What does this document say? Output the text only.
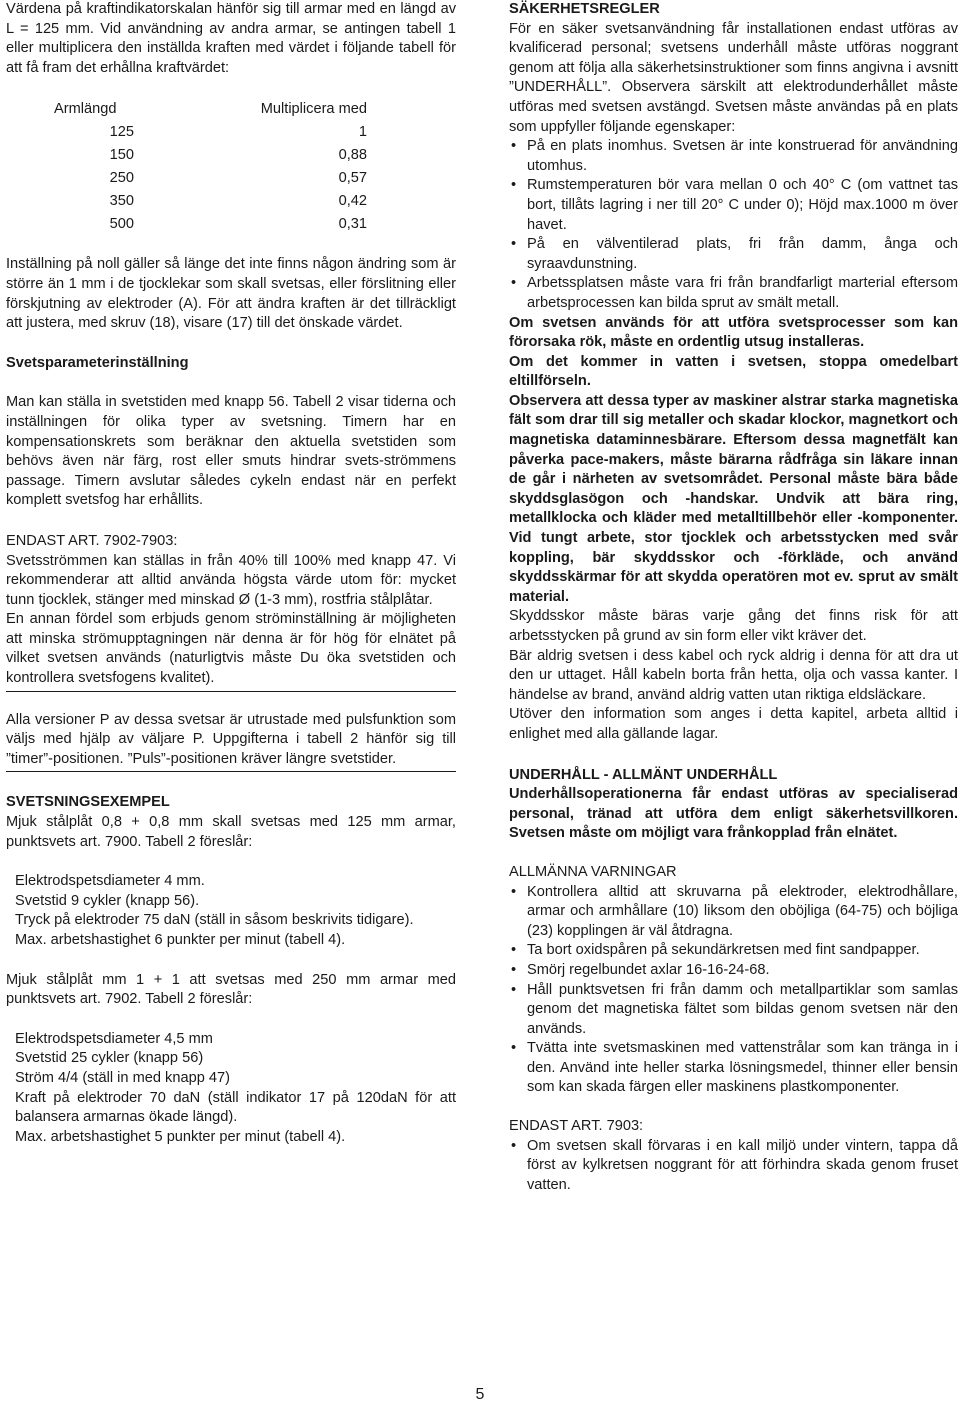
Värdena på kraftindikatorskalan hänför sig till armar med en längd av L = 125 mm. Vid användning av andra armar, se antingen tabell 1 eller multiplicera den inställda kraften med värdet i följande tabell för att få fram det erhållna kraftvärdet:

Armlängd	Multiplicera med
125	1
150	0,88
250	0,57
350	0,42
500	0,31

Inställning på noll gäller så länge det inte finns någon ändring som är större än 1 mm i de tjocklekar som skall svetsas, eller förslitning eller förskjutning av elektroder (A). För att ändra kraften är det tillräckligt att justera, med skruv (18), visare (17) till det önskade värdet.

Svetsparameterinställning

Man kan ställa in svetstiden med knapp 56. Tabell 2 visar tiderna och inställningen för olika typer av svetsning. Timern har en kompensationskrets som beräknar den aktuella svetstiden som behövs även när färg, rost eller smuts hindrar svets-strömmens passage. Timern avslutar således cykeln endast när en perfekt komplett svetsfog har erhållits.

ENDAST ART. 7902-7903:

Svetsströmmen kan ställas in från 40% till 100% med knapp 47. Vi rekommenderar att alltid använda högsta värde utom för: mycket tunn tjocklek, stänger med minskad Ø (1-3 mm), rostfria stålplåtar.

En annan fördel som erbjuds genom ströminställning är möjligheten att minska strömupptagningen när denna är för hög för elnätet på vilket svetsen används (naturligtvis måste Du öka svetstiden och kontrollera svetsfogens kvalitet).

Alla versioner P av dessa svetsar är utrustade med pulsfunktion som väljs med hjälp av väljare P. Uppgifterna i tabell 2 hänför sig till ”timer”-positionen. ”Puls”-positionen kräver längre svetstider.

SVETSNINGSEXEMPEL

Mjuk stålplåt 0,8 + 0,8 mm skall svetsas med 125 mm armar, punktsvets art. 7900. Tabell 2 föreslår:

Elektrodspetsdiameter 4 mm.

Svetstid 9 cykler (knapp 56).

Tryck på elektroder 75 daN (ställ in såsom beskrivits tidigare).

Max. arbetshastighet 6 punkter per minut (tabell 4).

Mjuk stålplåt mm 1 + 1 att svetsas med 250 mm armar med punktsvets art. 7902. Tabell 2 föreslår:

Elektrodspetsdiameter 4,5 mm

Svetstid 25 cykler (knapp 56)

Ström 4/4 (ställ in med knapp 47)

Kraft på elektroder 70 daN (ställ indikator 17 på 120daN för att balansera armarnas ökade längd).

Max. arbetshastighet 5 punkter per minut (tabell 4).

SÄKERHETSREGLER

För en säker svetsanvändning får installationen endast utföras av kvalificerad personal; svetsens underhåll måste utföras noggrant genom att följa alla säkerhetsinstruktioner som finns angivna i avsnitt ”UNDERHÅLL”. Observera särskilt att elektrodunderhållet måste utföras med svetsen avstängd. Svetsen måste användas på en plats som uppfyller följande egenskaper:

• På en plats inomhus. Svetsen är inte konstruerad för användning utomhus.
• Rumstemperaturen bör vara mellan 0 och 40° C (om vattnet tas bort, tillåts lagring i ner till 20° C under 0); Höjd max.1000 m över havet.
• På en välventilerad plats, fri från damm, ånga och syraavdunstning.
• Arbetssplatsen måste vara fri från brandfarligt marterial eftersom arbetsprocessen kan bilda sprut av smält metall.

Om svetsen används för att utföra svetsprocesser som kan förorsaka rök, måste en ordentlig utsug installeras.

Om det kommer in vatten i svetsen, stoppa omedelbart eltillförseln.

Observera att dessa typer av maskiner alstrar starka magnetiska fält som drar till sig metaller och skadar klockor, magnetkort och magnetiska dataminnesbärare. Eftersom dessa magnetfält kan påverka pace-makers, måste bärarna rådfråga sin läkare innan de går i närheten av svetsområdet. Personal måste bära både skyddsglasögon och -handskar. Undvik att bära ring, metallklocka och kläder med metalltillbehör eller -komponenter. Vid tungt arbete, stor tjocklek och arbetsstycken med svår koppling, bär skyddsskor och -förkläde, och använd skyddsskärmar för att skydda operatören mot ev. sprut av smält material.

Skyddsskor måste bäras varje gång det finns risk för att arbetsstycken på grund av sin form eller vikt kräver det.

Bär aldrig svetsen i dess kabel och ryck aldrig i denna för att dra ut den ur uttaget. Håll kabeln borta från hetta, olja och vassa kanter. I händelse av brand, använd aldrig vatten utan riktiga eldsläckare.

Utöver den information som anges i detta kapitel, arbeta alltid i enlighet med alla gällande lagar.

UNDERHÅLL - ALLMÄNT UNDERHÅLL

Underhållsoperationerna får endast utföras av specialiserad personal, tränad att utföra dem enligt säkerhetsvillkoren. Svetsen måste om möjligt vara frånkopplad från elnätet.

ALLMÄNNA VARNINGAR

• Kontrollera alltid att skruvarna på elektroder, elektrodhållare, armar och armhållare (10) liksom den oböjliga (64-75) och böjliga (23) kopplingen är väl åtdragna.
• Ta bort oxidspåren på sekundärkretsen med fint sandpapper.
• Smörj regelbundet axlar 16-16-24-68.
• Håll punktsvetsen fri från damm och metallpartiklar som samlas genom det magnetiska fältet som bildas genom svetsen när den används.
• Tvätta inte svetsmaskinen med vattenstrålar som kan tränga in i den. Använd inte heller starka lösningsmedel, thinner eller bensin som kan skada färgen eller maskinens plastkomponenter.

ENDAST ART. 7903:

• Om svetsen skall förvaras i en kall miljö under vintern, tappa då först av kylkretsen noggrant för att förhindra skada genom fruset vatten.
5
